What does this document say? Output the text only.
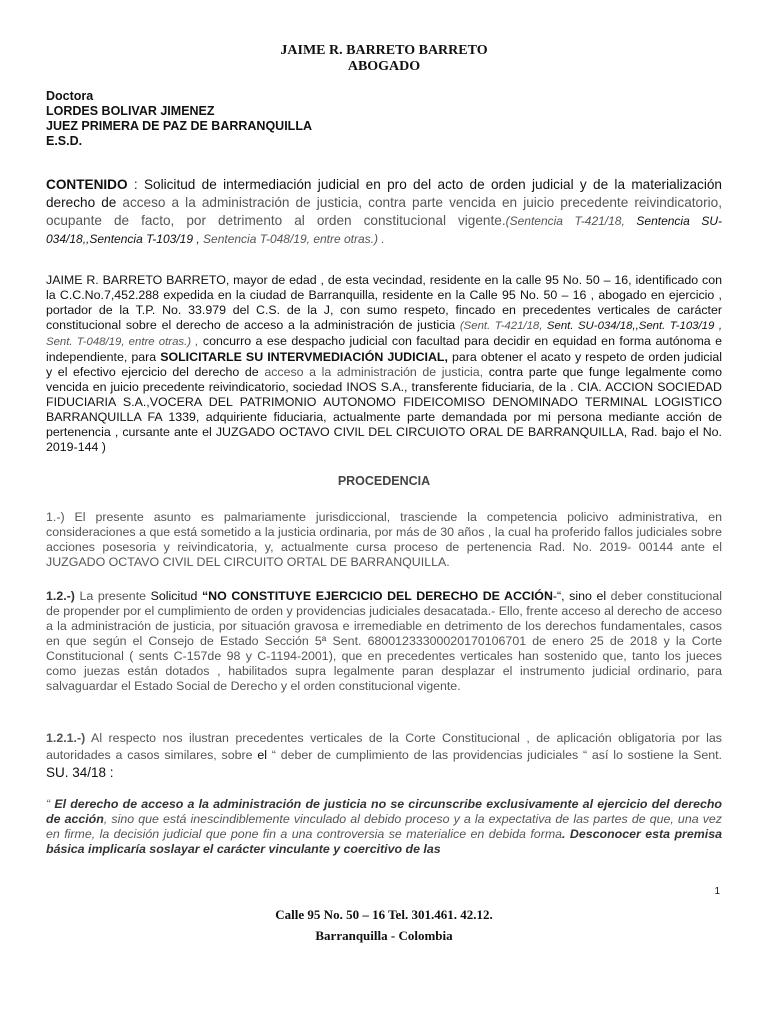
JAIME R. BARRETO BARRETO
ABOGADO
Doctora
LORDES BOLIVAR JIMENEZ
JUEZ PRIMERA DE PAZ DE BARRANQUILLA
E.S.D.

CONTENIDO : Solicitud de intermediación judicial en pro del acto de orden judicial y de la materialización derecho de acceso a la administración de justicia, contra parte vencida en juicio precedente reivindicatorio, ocupante de facto, por detrimento al orden constitucional vigente.(Sentencia T-421/18, Sentencia SU-034/18,,Sentencia T-103/19 , Sentencia T-048/19, entre otras.) .

JAIME R. BARRETO BARRETO, mayor de edad , de esta vecindad, residente en la calle 95 No. 50 – 16, identificado con la C.C.No.7,452.288 expedida en la ciudad de Barranquilla, residente en la Calle 95 No. 50 – 16 , abogado en ejercicio , portador de la T.P. No. 33.979 del C.S. de la J, con sumo respeto, fincado en precedentes verticales de carácter constitucional sobre el derecho de acceso a la administración de justicia (Sent. T-421/18, Sent. SU-034/18,,Sent. T-103/19 , Sent. T-048/19, entre otras.) , concurro a ese despacho judicial con facultad para decidir en equidad en forma autónoma e independiente, para SOLICITARLE SU INTERVMEDIACIÓN JUDICIAL, para obtener el acato y respeto de orden judicial y el efectivo ejercicio del derecho de acceso a la administración de justicia, contra parte que funge legalmente como vencida en juicio precedente reivindicatorio, sociedad INOS S.A., transferente fiduciaria, de la . CIA. ACCION SOCIEDAD FIDUCIARIA S.A.,VOCERA DEL PATRIMONIO AUTONOMO FIDEICOMISO DENOMINADO TERMINAL LOGISTICO BARRANQUILLA FA 1339, adquiriente fiduciaria, actualmente parte demandada por mi persona mediante acción de pertenencia , cursante ante el JUZGADO OCTAVO CIVIL DEL CIRCUIOTO ORAL DE BARRANQUILLA, Rad. bajo el No. 2019-144 )

PROCEDENCIA

1.-) El presente asunto es palmariamente jurisdiccional, trasciende la competencia policivo administrativa, en consideraciones a que está sometido a la justicia ordinaria, por más de 30 años , la cual ha proferido fallos judiciales sobre acciones posesoria y reivindicatoria, y, actualmente cursa proceso de pertenencia Rad. No. 2019- 00144 ante el JUZGADO OCTAVO CIVIL DEL CIRCUITO ORTAL DE BARRANQUILLA.

1.2.-) La presente Solicitud “NO CONSTITUYE EJERCICIO DEL DERECHO DE ACCIÓN-“, sino el deber constitucional de propender por el cumplimiento de orden y providencias judiciales desacatada.- Ello, frente acceso al derecho de acceso a la administración de justicia, por situación gravosa e irremediable en detrimento de los derechos fundamentales, casos en que según el Consejo de Estado Sección 5ª Sent. 68001233300020170106701 de enero 25 de 2018 y la Corte Constitucional ( sents C-157de 98 y C-1194-2001), que en precedentes verticales han sostenido que, tanto los jueces como juezas están dotados , habilitados supra legalmente paran desplazar el instrumento judicial ordinario, para salvaguardar el Estado Social de Derecho y el orden constitucional vigente.

1.2.1.-) Al respecto nos ilustran precedentes verticales de la Corte Constitucional , de aplicación obligatoria por las autoridades a casos similares, sobre el “ deber de cumplimiento de las providencias judiciales “ así lo sostiene la Sent. SU. 34/18 :

“ El derecho de acceso a la administración de justicia no se circunscribe exclusivamente al ejercicio del derecho de acción, sino que está inescindiblemente vinculado al debido proceso y a la expectativa de las partes de que, una vez en firme, la decisión judicial que pone fin a una controversia se materialice en debida forma. Desconocer esta premisa básica implicaría soslayar el carácter vinculante y coercitivo de las

1
Calle 95 No. 50 – 16 Tel. 301.461. 42.12.
Barranquilla - Colombia
